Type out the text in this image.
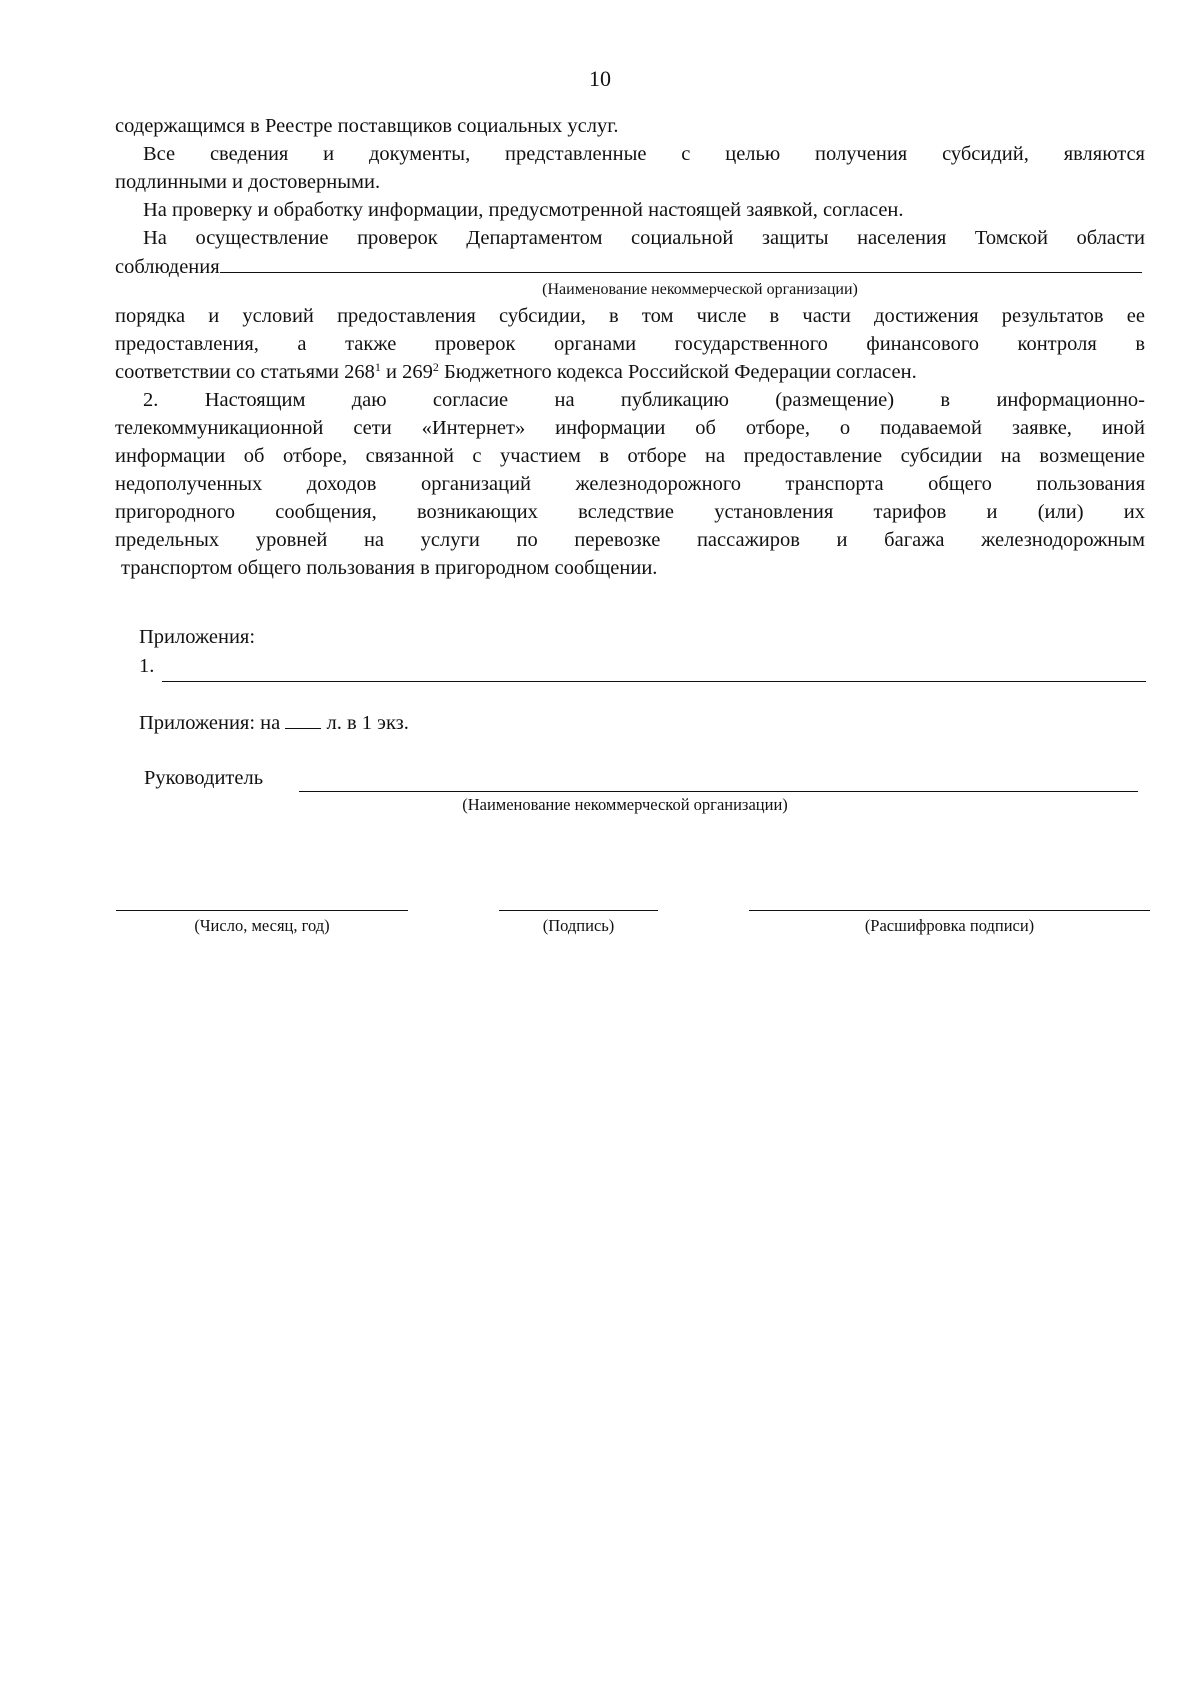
10
содержащимся в Реестре поставщиков социальных услуг.
Все сведения и документы, представленные с целью получения субсидий, являются
подлинными и достоверными.
На проверку и обработку информации, предусмотренной настоящей заявкой, согласен.
На осуществление проверок Департаментом социальной защиты населения Томской области
соблюдения
(Наименование некоммерческой организации)
порядка и условий предоставления субсидии, в том числе в части достижения результатов ее
предоставления, а также проверок органами государственного финансового контроля в
соответствии со статьями $268^1$ и $269^2$ Бюджетного кодекса Российской Федерации согласен.
2. Настоящим даю согласие на публикацию (размещение) в информационно-
телекоммуникационной сети «Интернет» информации об отборе, о подаваемой заявке, иной
информации об отборе, связанной с участием в отборе на предоставление субсидии на возмещение
недополученных доходов организаций железнодорожного транспорта общего пользования
пригородного сообщения, возникающих вследствие установления тарифов и (или) их
предельных уровней на услуги по перевозке пассажиров и багажа железнодорожным
транспортом общего пользования в пригородном сообщении.
Приложения:
1.
Приложения: на л. в 1 экз.
Руководитель
(Наименование некоммерческой организации)
(Число, месяц, год)	(Подпись)	(Расшифровка подписи)
